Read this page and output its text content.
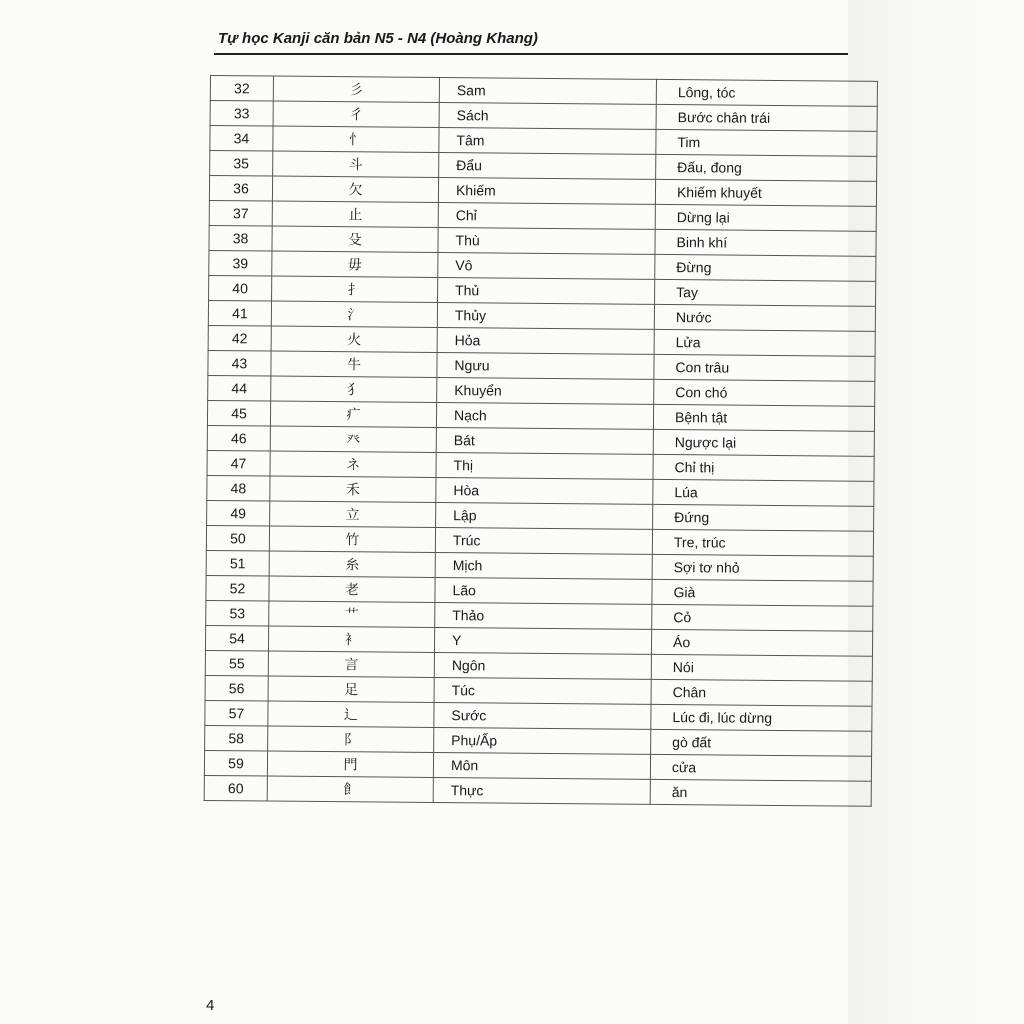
Tự học Kanji căn bản N5 - N4 (Hoàng Khang)
32	彡	Sam	Lông, tóc
33	彳	Sách	Bước chân trái
34	忄	Tâm	Tim
35	斗	Đẩu	Đấu, đong
36	欠	Khiếm	Khiếm khuyết
37	止	Chỉ	Dừng lại
38	殳	Thù	Binh khí
39	毋	Vô	Đừng
40	扌	Thủ	Tay
41	氵	Thủy	Nước
42	火	Hỏa	Lửa
43	牛	Ngưu	Con trâu
44	犭	Khuyển	Con chó
45	疒	Nạch	Bệnh tật
46	癶	Bát	Ngược lại
47	ネ	Thị	Chỉ thị
48	禾	Hòa	Lúa
49	立	Lập	Đứng
50	竹	Trúc	Tre, trúc
51	糸	Mịch	Sợi tơ nhỏ
52	老	Lão	Già
53	艹	Thảo	Cỏ
54	衤	Y	Áo
55	言	Ngôn	Nói
56	足	Túc	Chân
57	辶	Sước	Lúc đi, lúc dừng
58	阝	Phụ/Ấp	gò đất
59	門	Môn	cửa
60	飠	Thực	ăn
4
